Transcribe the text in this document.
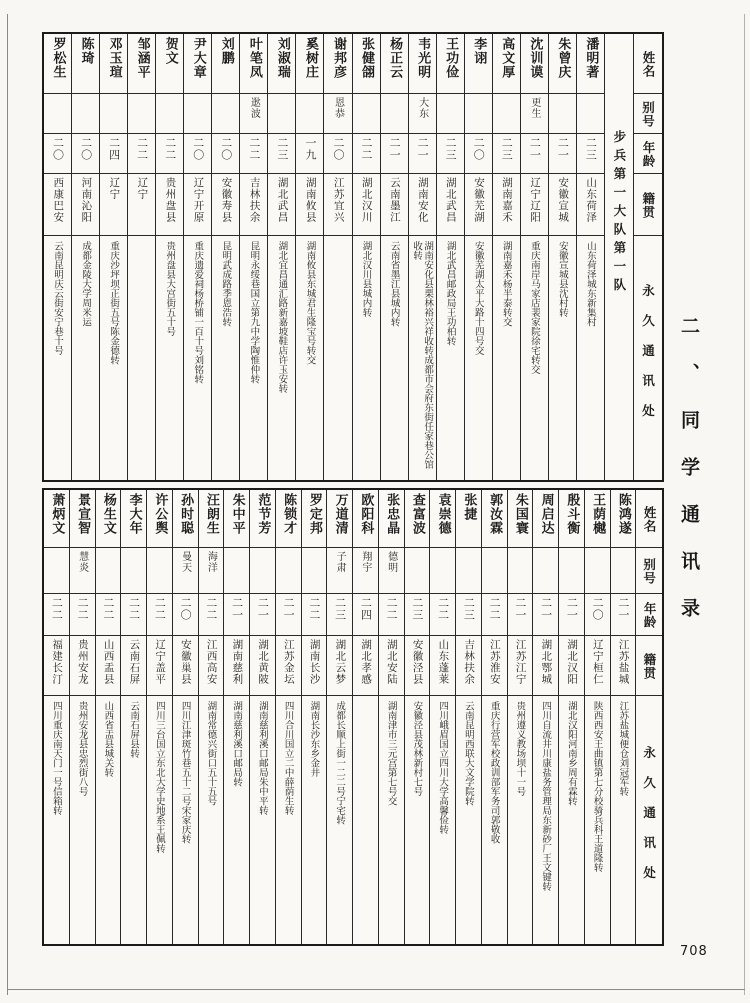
罗松生
二〇
西康巴安
云南昆明庆云街安宁巷十号
陈琦
二〇
河南沁阳
成都金陵大学周米运
邓玉瑄
二四
辽宁
重庆沙坪坝正街五号陈金德转
邹涵平
二二
辽宁
贺文
二二
贵州盘县
贵州盘县大宫街五十号
尹大章
二〇
辽宁开原
重庆遗爱祠杨桥铺一百十号刘铭转
刘鹏
二〇
安徽寿县
昆明武成路季恩浩转
叶笔凤
逖波
二二
吉林扶余
昆明永绥巷国立第九中学陶惟仲转
刘淑瑞
二三
湖北武昌
湖北宜昌通汇路新嘉坡鞋店许玉安转
奚树庄
一九
湖南攸县
湖南攸县东城君生隆宝号转交
谢邦彦
恩恭
二〇
江苏宜兴
张健翖
二二
湖北汉川
湖北汉川县城内转
杨正云
二一
云南墨江
云南省墨江县城内转
韦光明
大东
二一
湖南安化
湖南安化县栗林裕兴祥收转成都市会府东街任家巷公馆收转
王功俭
二三
湖北武昌
湖北武昌邮政局王功柏转
李诩
二〇
安徽芜湖
安徽芜湖太平大路十四号交
高文厚
二三
湖南嘉禾
湖南嘉禾杨半泰转交
沈训谟
更生
二一
辽宁辽阳
重庆南岸马家店裴家院徐宅转交
朱曾庆
二一
安徽宣城
安徽宣城县沈村转
潘明著
二三
山东荷泽
山东荷泽城东新集村 步兵第一大队第一队
姓名
别号
年龄
籍贯
永久通讯处
萧炳文
二二
福建长汀
四川重庆南天门一号信箱转
景宣智
慧炎
二二
贵州安龙
贵州安龙县忠烈街八号
杨生文
二二
山西盂县
山西省盂县城关转
李大年
二二
云南石屏
云南石屏县转
许公舆
二二
辽宁盖平
四川三台国立东北大学史地系王佩转
孙时聪
曼天
二〇
安徽巢县
四川江津斑竹巷五十二号宋家庆转
汪朗生
海洋
二二
江西高安
湖南常德兴街口五十五号
朱中平
二一
湖南慈利
湖南慈利溪口邮局转
范节芳
二一
湖北黄陂
湖南慈利溪口邮局朱中平转
陈锁才
二一
江苏金坛
四川合川国立二中薛荫生转
罗定邦
二二
湖南长沙
湖南长沙东乡金井
万道清
子肃
二三
湖北云梦
成都长顺上街一二二号宁宅转
欧阳科
翔宇
二四
湖北孝感
张忠晶
德明
二二
湖北安陆
湖南津市三元宫第七号交
查富波
二三
安徽泾县
安徽泾县茂林新村七号
袁崇德
二二
山东蓬莱
四川峨眉国立四川大学高馨俭转
张捷
二三
吉林扶余
云南昆明西联大文学院转
郭汝霖
二二
江苏淮安
重庆行营军校政训部军务司郭敬收
朱国寰
二一
江苏江宁
贵州遵义教场坝十一号
周启达
二一
湖北鄂城
四川自流井川康盐务管理局东新砂厂王文键转
殷斗衡
二一
湖北汉阳
湖北汉阳河南乡周有霖转
王荫樾
二〇
辽宁桓仁
陕西西安王曲镇第七分校骑兵科王道隆转
陈鸿遂
二一
江苏盐城
江苏盐城便仓刘冠军转
姓名
别号
年龄
籍贯
永久通讯处
二、同学通讯录
708
